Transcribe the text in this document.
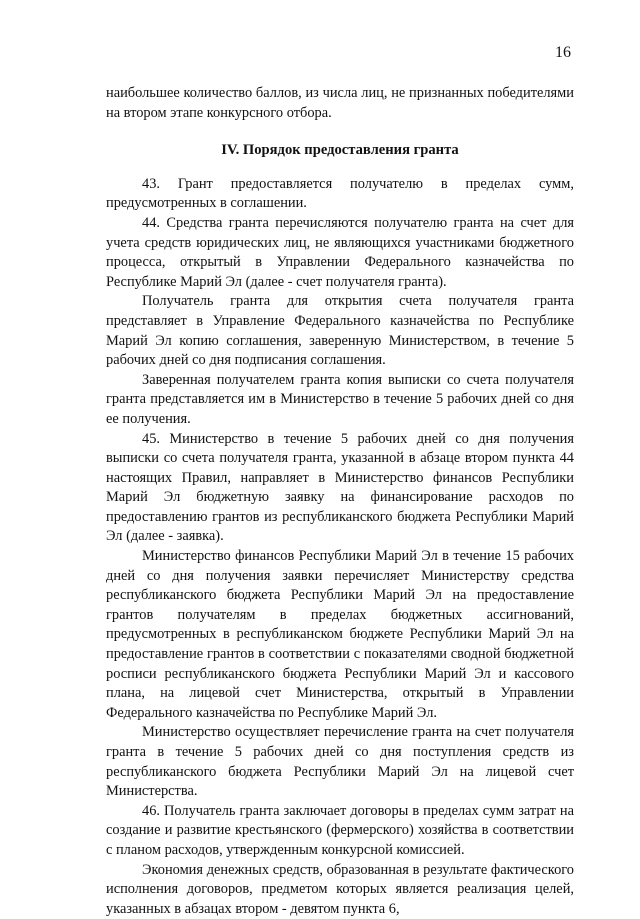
16

наибольшее количество баллов, из числа лиц, не признанных победителями на втором этапе конкурсного отбора.

IV. Порядок предоставления гранта

43. Грант предоставляется получателю в пределах сумм, предусмотренных в соглашении.

44. Средства гранта перечисляются получателю гранта на счет для учета средств юридических лиц, не являющихся участниками бюджетного процесса, открытый в Управлении Федерального казначейства по Республике Марий Эл (далее - счет получателя гранта).

Получатель гранта для открытия счета получателя гранта представляет в Управление Федерального казначейства по Республике Марий Эл копию соглашения, заверенную Министерством, в течение 5 рабочих дней со дня подписания соглашения.

Заверенная получателем гранта копия выписки со счета получателя гранта представляется им в Министерство в течение 5 рабочих дней со дня ее получения.

45. Министерство в течение 5 рабочих дней со дня получения выписки со счета получателя гранта, указанной в абзаце втором пункта 44 настоящих Правил, направляет в Министерство финансов Республики Марий Эл бюджетную заявку на финансирование расходов по предоставлению грантов из республиканского бюджета Республики Марий Эл (далее - заявка).

Министерство финансов Республики Марий Эл в течение 15 рабочих дней со дня получения заявки перечисляет Министерству средства республиканского бюджета Республики Марий Эл на предоставление грантов получателям в пределах бюджетных ассигнований, предусмотренных в республиканском бюджете Республики Марий Эл на предоставление грантов в соответствии с показателями сводной бюджетной росписи республиканского бюджета Республики Марий Эл и кассового плана, на лицевой счет Министерства, открытый в Управлении Федерального казначейства по Республике Марий Эл.

Министерство осуществляет перечисление гранта на счет получателя гранта в течение 5 рабочих дней со дня поступления средств из республиканского бюджета Республики Марий Эл на лицевой счет Министерства.

46. Получатель гранта заключает договоры в пределах сумм затрат на создание и развитие крестьянского (фермерского) хозяйства в соответствии с планом расходов, утвержденным конкурсной комиссией.

Экономия денежных средств, образованная в результате фактического исполнения договоров, предметом которых является реализация целей, указанных в абзацах втором - девятом пункта 6,
